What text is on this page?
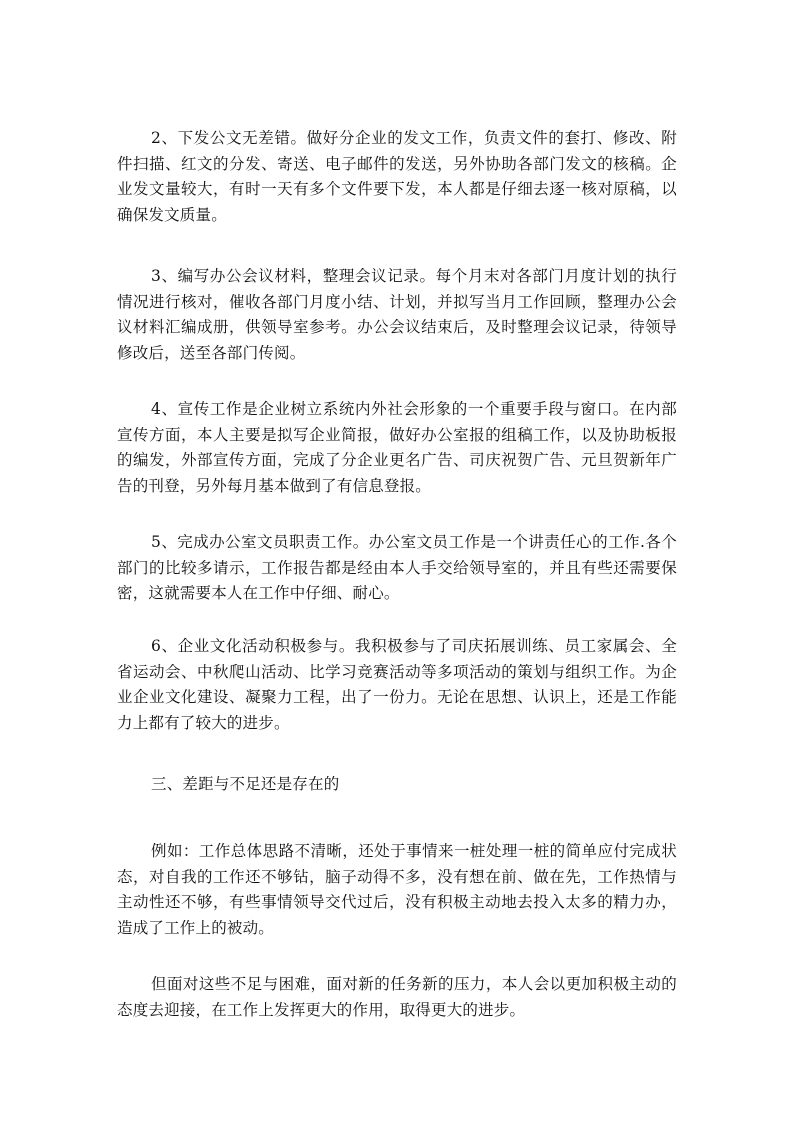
2、下发公文无差错。做好分企业的发文工作，负责文件的套打、修改、附件扫描、红文的分发、寄送、电子邮件的发送，另外协助各部门发文的核稿。企业发文量较大，有时一天有多个文件要下发，本人都是仔细去逐一核对原稿，以确保发文质量。

3、编写办公会议材料，整理会议记录。每个月末对各部门月度计划的执行情况进行核对，催收各部门月度小结、计划，并拟写当月工作回顾，整理办公会议材料汇编成册，供领导室参考。办公会议结束后，及时整理会议记录，待领导修改后，送至各部门传阅。

4、宣传工作是企业树立系统内外社会形象的一个重要手段与窗口。在内部宣传方面，本人主要是拟写企业简报，做好办公室报的组稿工作，以及协助板报的编发，外部宣传方面，完成了分企业更名广告、司庆祝贺广告、元旦贺新年广告的刊登，另外每月基本做到了有信息登报。

5、完成办公室文员职责工作。办公室文员工作是一个讲责任心的工作.各个部门的比较多请示，工作报告都是经由本人手交给领导室的，并且有些还需要保密，这就需要本人在工作中仔细、耐心。

6、企业文化活动积极参与。我积极参与了司庆拓展训练、员工家属会、全省运动会、中秋爬山活动、比学习竞赛活动等多项活动的策划与组织工作。为企业企业文化建设、凝聚力工程，出了一份力。无论在思想、认识上，还是工作能力上都有了较大的进步。

三、差距与不足还是存在的

例如：工作总体思路不清晰，还处于事情来一桩处理一桩的简单应付完成状态，对自我的工作还不够钻，脑子动得不多，没有想在前、做在先，工作热情与主动性还不够，有些事情领导交代过后，没有积极主动地去投入太多的精力办，造成了工作上的被动。

但面对这些不足与困难，面对新的任务新的压力，本人会以更加积极主动的态度去迎接，在工作上发挥更大的作用，取得更大的进步。
